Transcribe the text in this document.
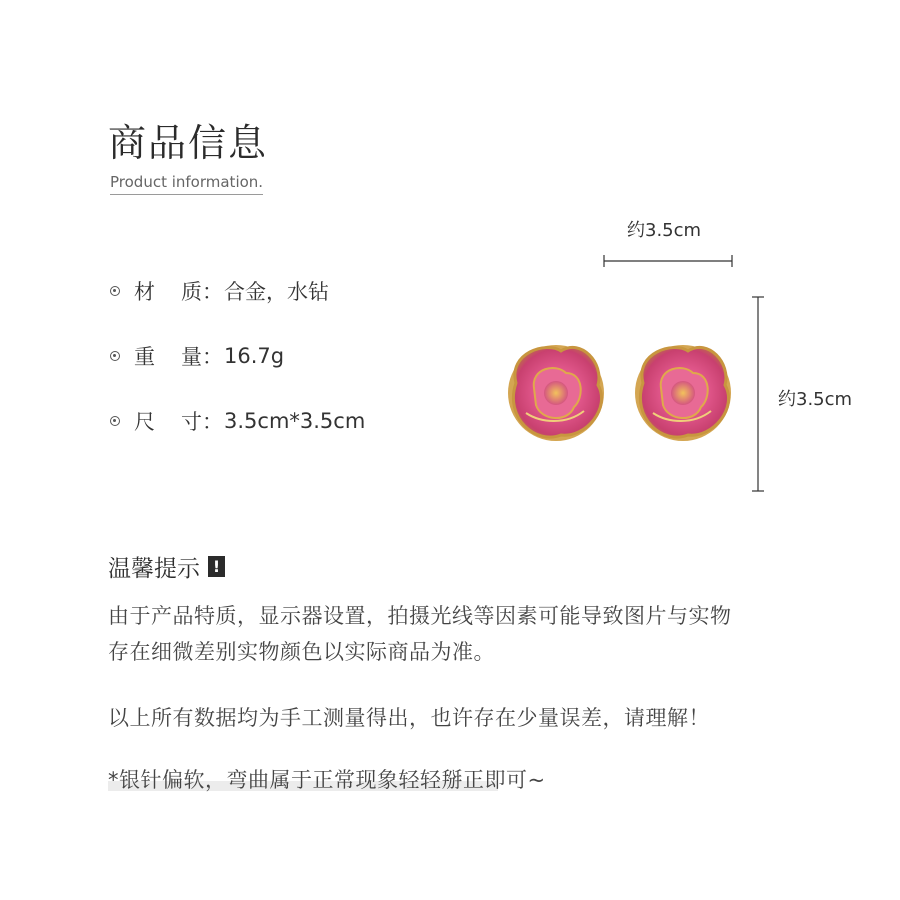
商品信息
Product information.
材 质 ： 合金，水钻
重 量 ： 16.7g
尺 寸 ： 3.5cm*3.5cm
约3.5cm
约3.5cm
温馨提示 !
由于产品特质，显示器设置，拍摄光线等因素可能导致图片与实物
存在细微差别实物颜色以实际商品为准。
以上所有数据均为手工测量得出，也许存在少量误差，请理解！
*银针偏软，弯曲属于正常现象轻轻掰正即可~
